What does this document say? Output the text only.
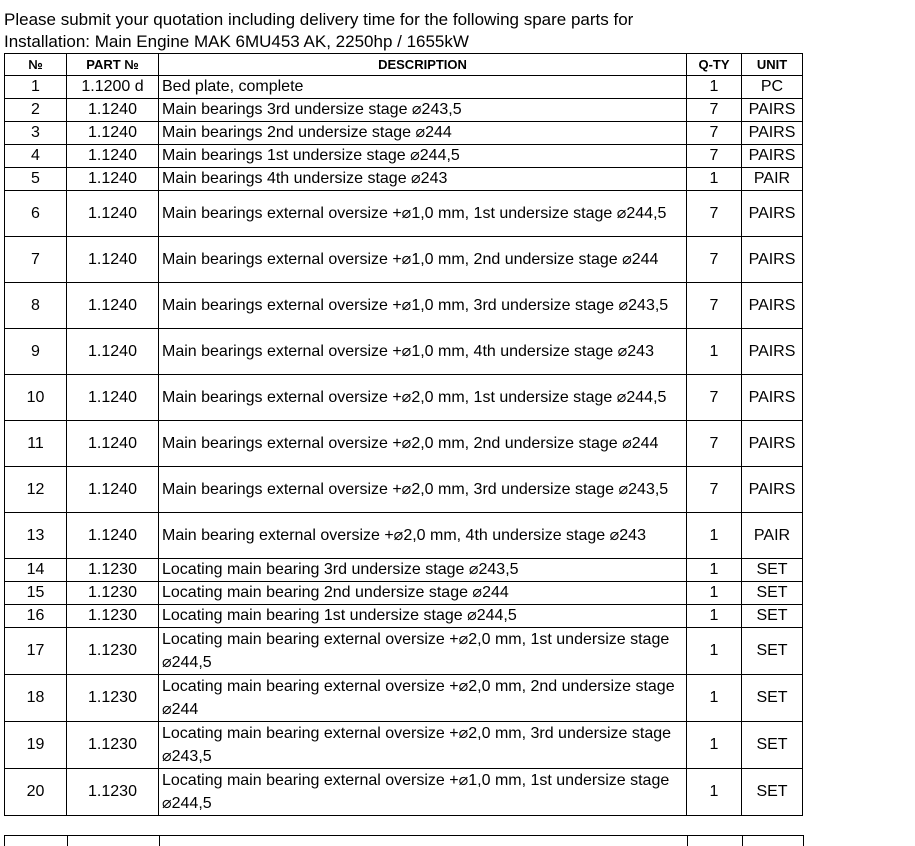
Please submit your quotation including delivery time for the following spare parts for
Installation: Main Engine MAK 6MU453 AK, 2250hp / 1655kW
№	PART №	DESCRIPTION	Q-TY	UNIT
1	1.1200 d	Bed plate, complete	1	PC
2	1.1240	Main bearings 3rd undersize stage ⌀243,5	7	PAIRS
3	1.1240	Main bearings 2nd undersize stage ⌀244	7	PAIRS
4	1.1240	Main bearings 1st undersize stage ⌀244,5	7	PAIRS
5	1.1240	Main bearings 4th undersize stage ⌀243	1	PAIR
6	1.1240	Main bearings external oversize +⌀1,0 mm, 1st undersize stage ⌀244,5	7	PAIRS
7	1.1240	Main bearings external oversize +⌀1,0 mm, 2nd undersize stage ⌀244	7	PAIRS
8	1.1240	Main bearings external oversize +⌀1,0 mm, 3rd undersize stage ⌀243,5	7	PAIRS
9	1.1240	Main bearings external oversize +⌀1,0 mm, 4th undersize stage ⌀243	1	PAIRS
10	1.1240	Main bearings external oversize +⌀2,0 mm, 1st undersize stage ⌀244,5	7	PAIRS
11	1.1240	Main bearings external oversize +⌀2,0 mm, 2nd undersize stage ⌀244	7	PAIRS
12	1.1240	Main bearings external oversize +⌀2,0 mm, 3rd undersize stage ⌀243,5	7	PAIRS
13	1.1240	Main bearing external oversize +⌀2,0 mm, 4th undersize stage ⌀243	1	PAIR
14	1.1230	Locating main bearing 3rd undersize stage ⌀243,5	1	SET
15	1.1230	Locating main bearing 2nd undersize stage ⌀244	1	SET
16	1.1230	Locating main bearing 1st undersize stage ⌀244,5	1	SET
17	1.1230	Locating main bearing external oversize +⌀2,0 mm, 1st undersize stage ⌀244,5	1	SET
18	1.1230	Locating main bearing external oversize +⌀2,0 mm, 2nd undersize stage ⌀244	1	SET
19	1.1230	Locating main bearing external oversize +⌀2,0 mm, 3rd undersize stage ⌀243,5	1	SET
20	1.1230	Locating main bearing external oversize +⌀1,0 mm, 1st undersize stage ⌀244,5	1	SET
